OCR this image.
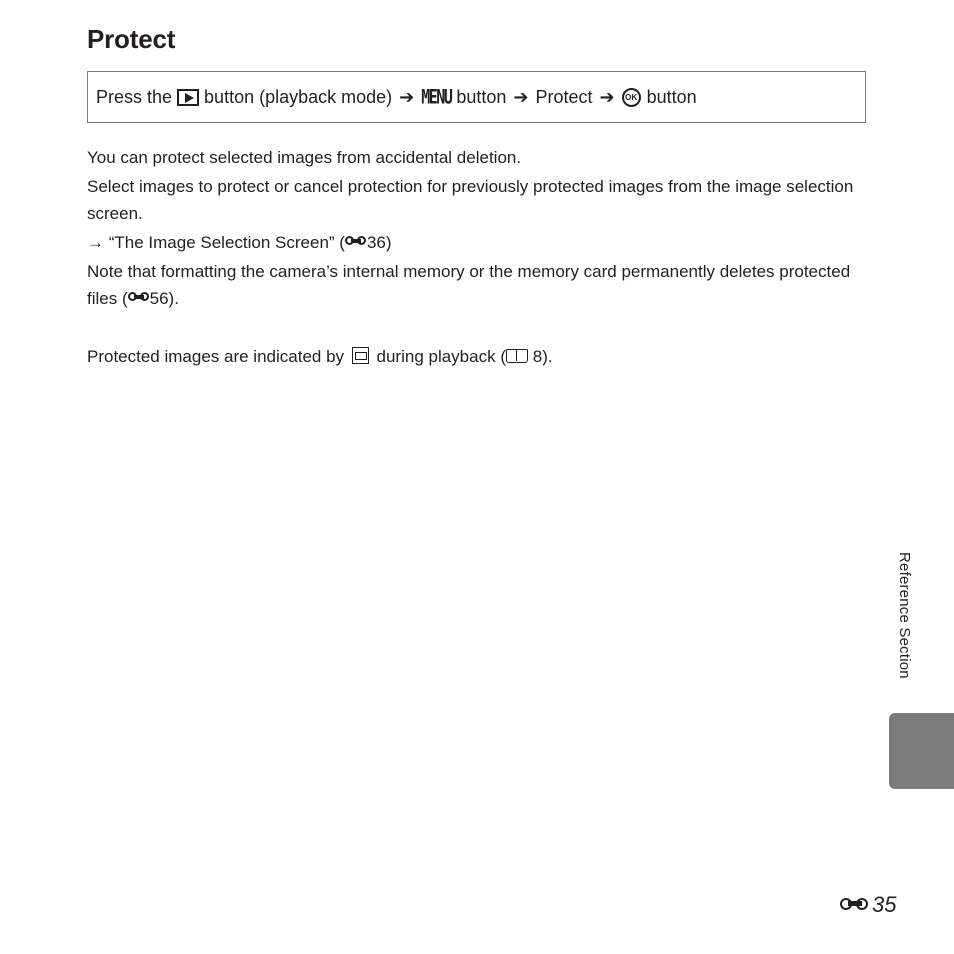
Protect
Press the button (playback mode) ➔ MENU button ➔ Protect ➔	OK button

You can protect selected images from accidental deletion.

Select images to protect or cancel protection for previously protected images from the image selection screen.

→ “The Image Selection Screen” ( 36)

Note that formatting the camera’s internal memory or the memory card permanently deletes protected files ( 56).

Protected images are indicated by during playback ( 8).

Reference Section
35
